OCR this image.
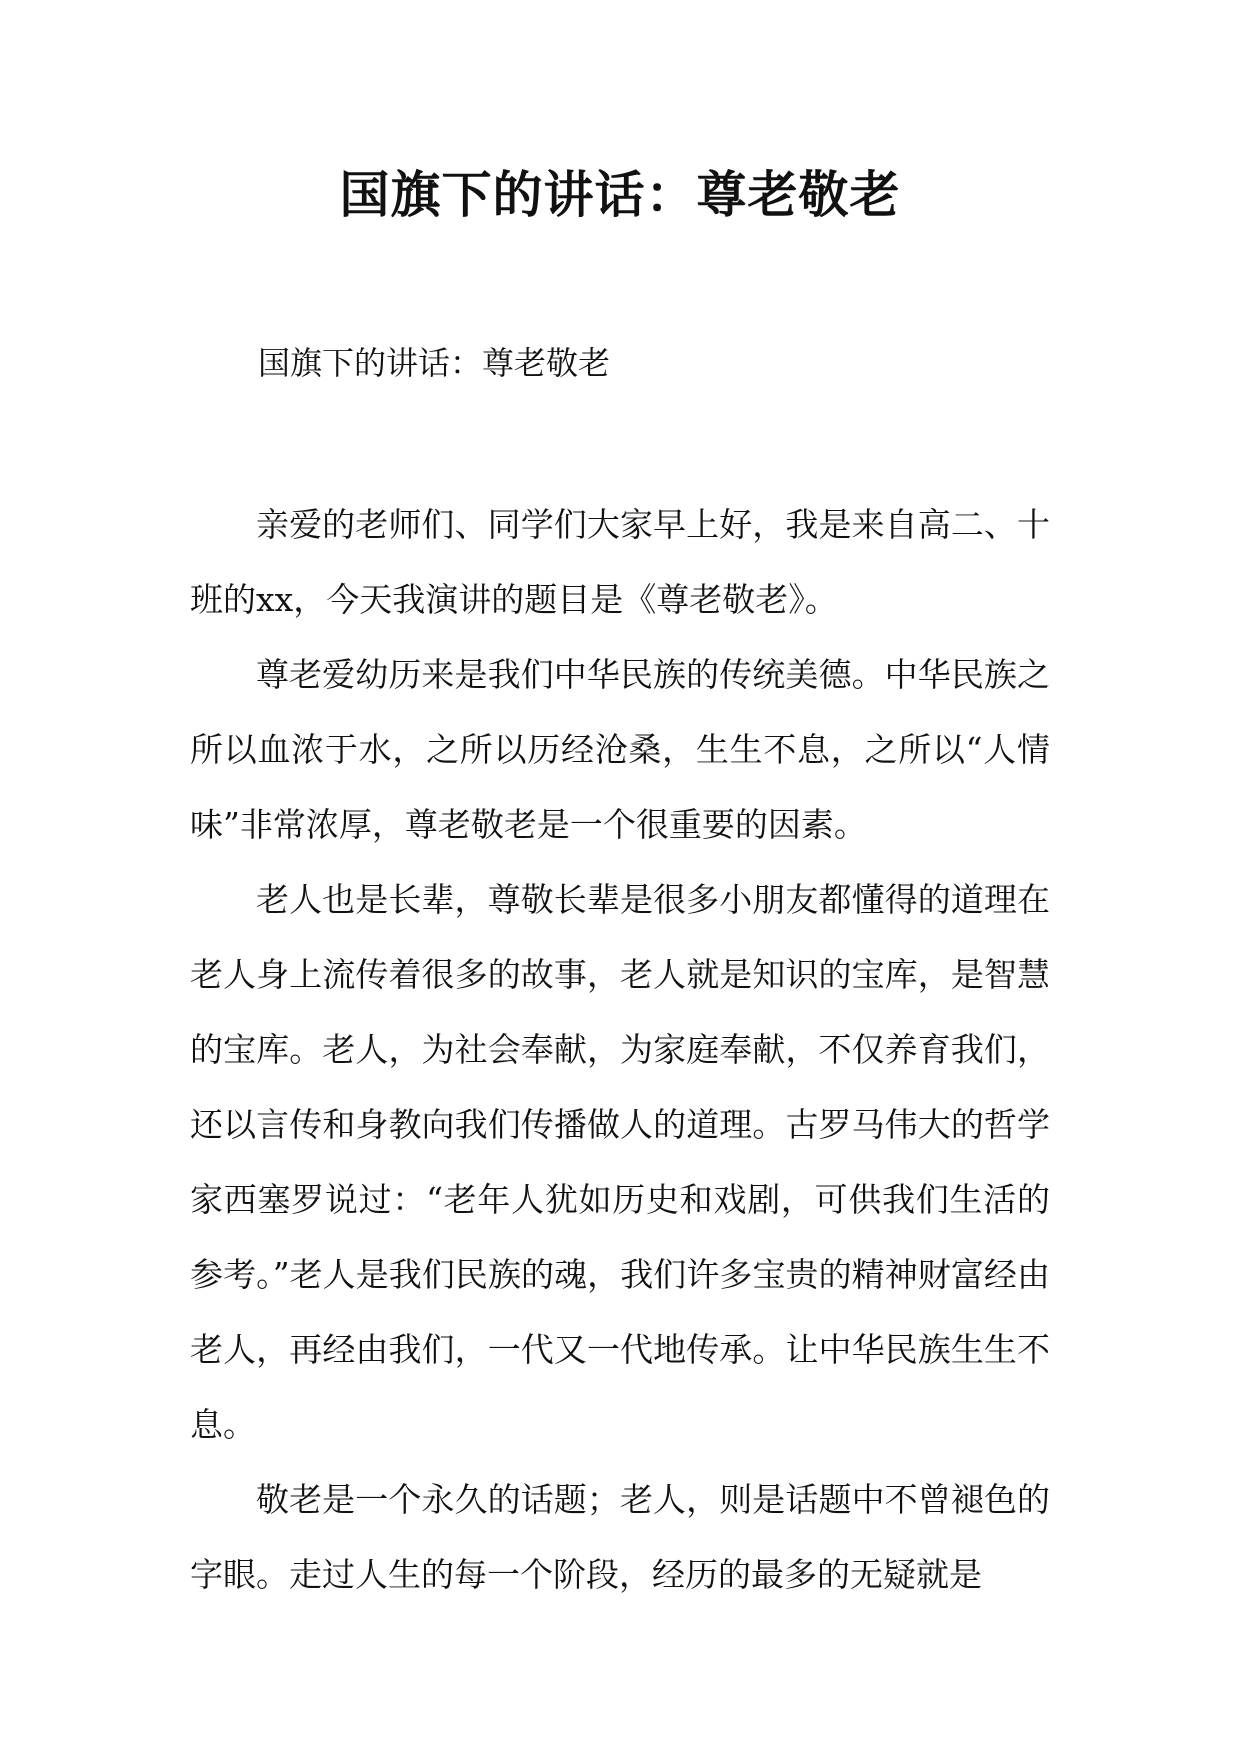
国旗下的讲话：尊老敬老

国旗下的讲话：尊老敬老

亲爱的老师们、同学们大家早上好，我是来自高二、十班的xx，今天我演讲的题目是《尊老敬老》。

尊老爱幼历来是我们中华民族的传统美德。中华民族之所以血浓于水，之所以历经沧桑，生生不息，之所以“人情味”非常浓厚，尊老敬老是一个很重要的因素。

老人也是长辈，尊敬长辈是很多小朋友都懂得的道理在老人身上流传着很多的故事，老人就是知识的宝库，是智慧的宝库。老人，为社会奉献，为家庭奉献，不仅养育我们，还以言传和身教向我们传播做人的道理。古罗马伟大的哲学家西塞罗说过：“老年人犹如历史和戏剧，可供我们生活的参考。”老人是我们民族的魂，我们许多宝贵的精神财富经由老人，再经由我们，一代又一代地传承。让中华民族生生不息。

敬老是一个永久的话题；老人，则是话题中不曾褪色的字眼。走过人生的每一个阶段，经历的最多的无疑就是
